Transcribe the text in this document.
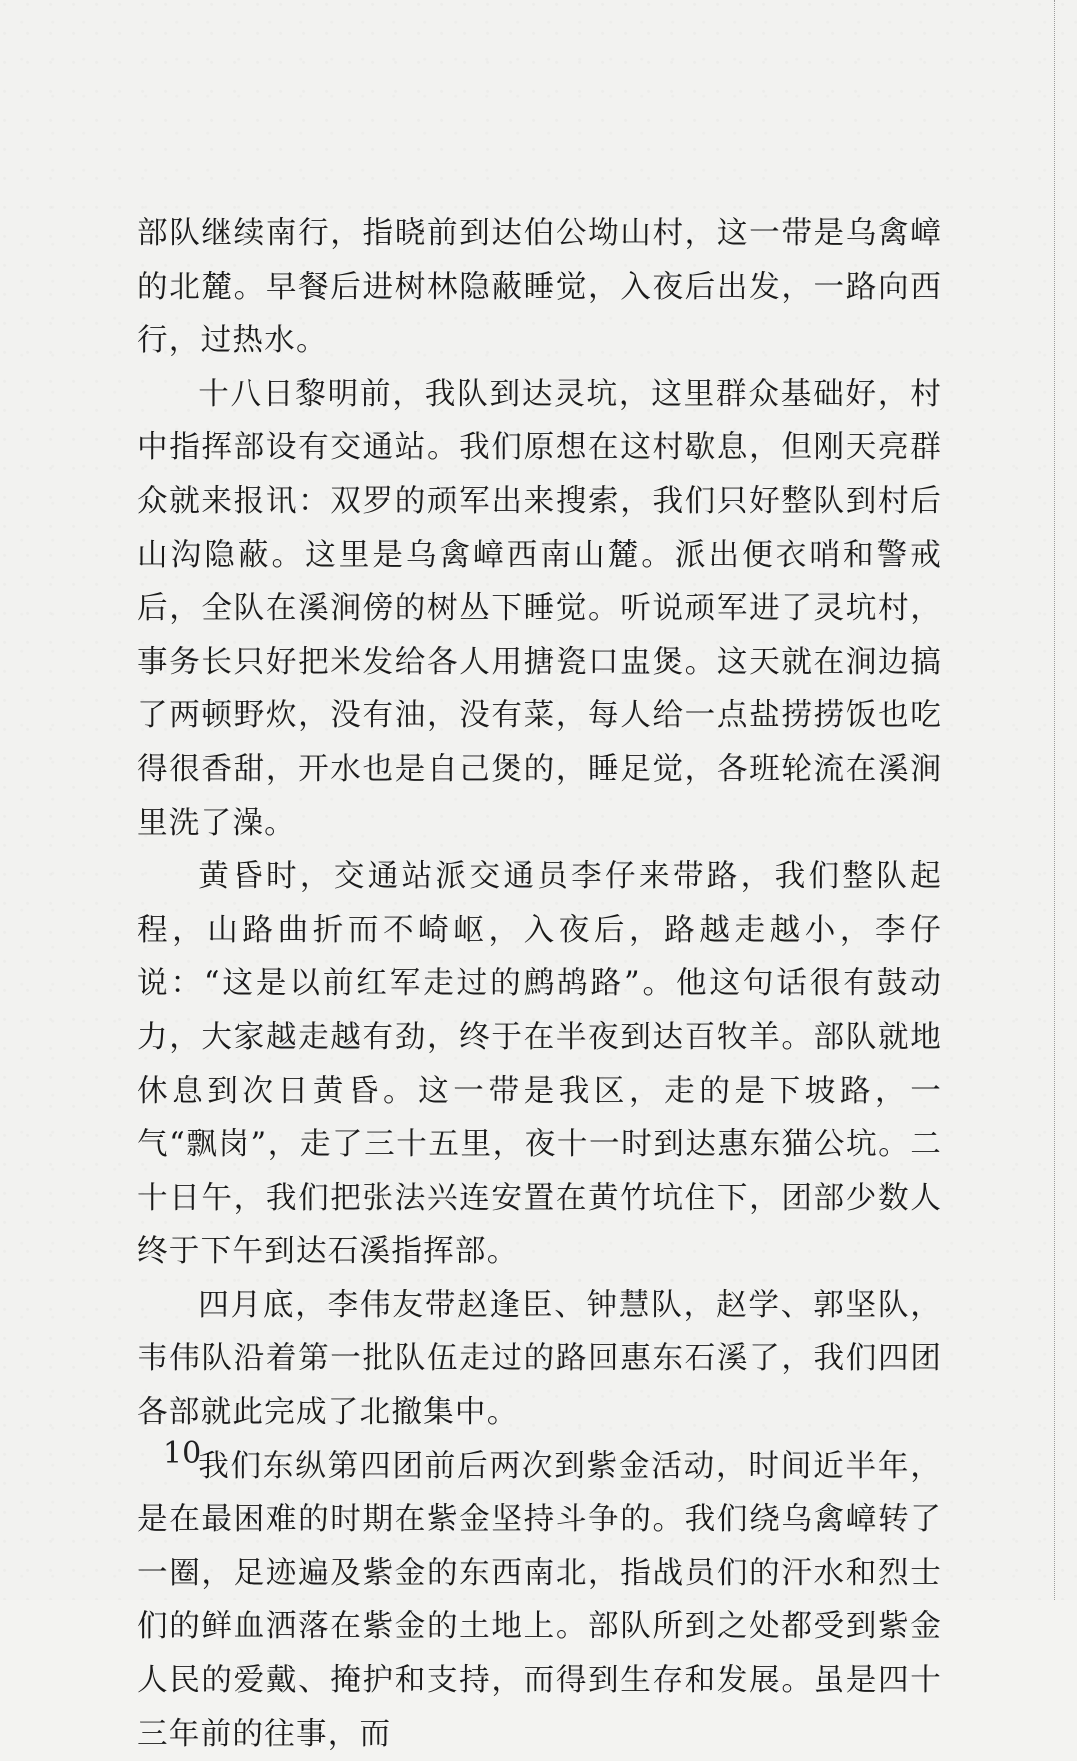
部队继续南行，指晓前到达伯公坳山村，这一带是乌禽嶂的北麓。早餐后进树林隐蔽睡觉，入夜后出发，一路向西行，过热水。

十八日黎明前，我队到达灵坑，这里群众基础好，村中指挥部设有交通站。我们原想在这村歇息，但刚天亮群众就来报讯：双罗的顽军出来搜索，我们只好整队到村后山沟隐蔽。这里是乌禽嶂西南山麓。派出便衣哨和警戒后，全队在溪涧傍的树丛下睡觉。听说顽军进了灵坑村，事务长只好把米发给各人用搪瓷口盅煲。这天就在涧边搞了两顿野炊，没有油，没有菜，每人给一点盐捞捞饭也吃得很香甜，开水也是自己煲的，睡足觉，各班轮流在溪涧里洗了澡。

黄昏时，交通站派交通员李仔来带路，我们整队起程，山路曲折而不崎岖，入夜后，路越走越小，李仔说：“这是以前红军走过的鹧鸪路”。他这句话很有鼓动力，大家越走越有劲，终于在半夜到达百牧羊。部队就地休息到次日黄昏。这一带是我区，走的是下坡路，一气“飘岗”，走了三十五里，夜十一时到达惠东猫公坑。二十日午，我们把张法兴连安置在黄竹坑住下，团部少数人终于下午到达石溪指挥部。

四月底，李伟友带赵逢臣、钟慧队，赵学、郭坚队，韦伟队沿着第一批队伍走过的路回惠东石溪了，我们四团各部就此完成了北撤集中。

我们东纵第四团前后两次到紫金活动，时间近半年，是在最困难的时期在紫金坚持斗争的。我们绕乌禽嶂转了一圈，足迹遍及紫金的东西南北，指战员们的汗水和烈士们的鲜血洒落在紫金的土地上。部队所到之处都受到紫金人民的爱戴、掩护和支持，而得到生存和发展。虽是四十三年前的往事，而

10
